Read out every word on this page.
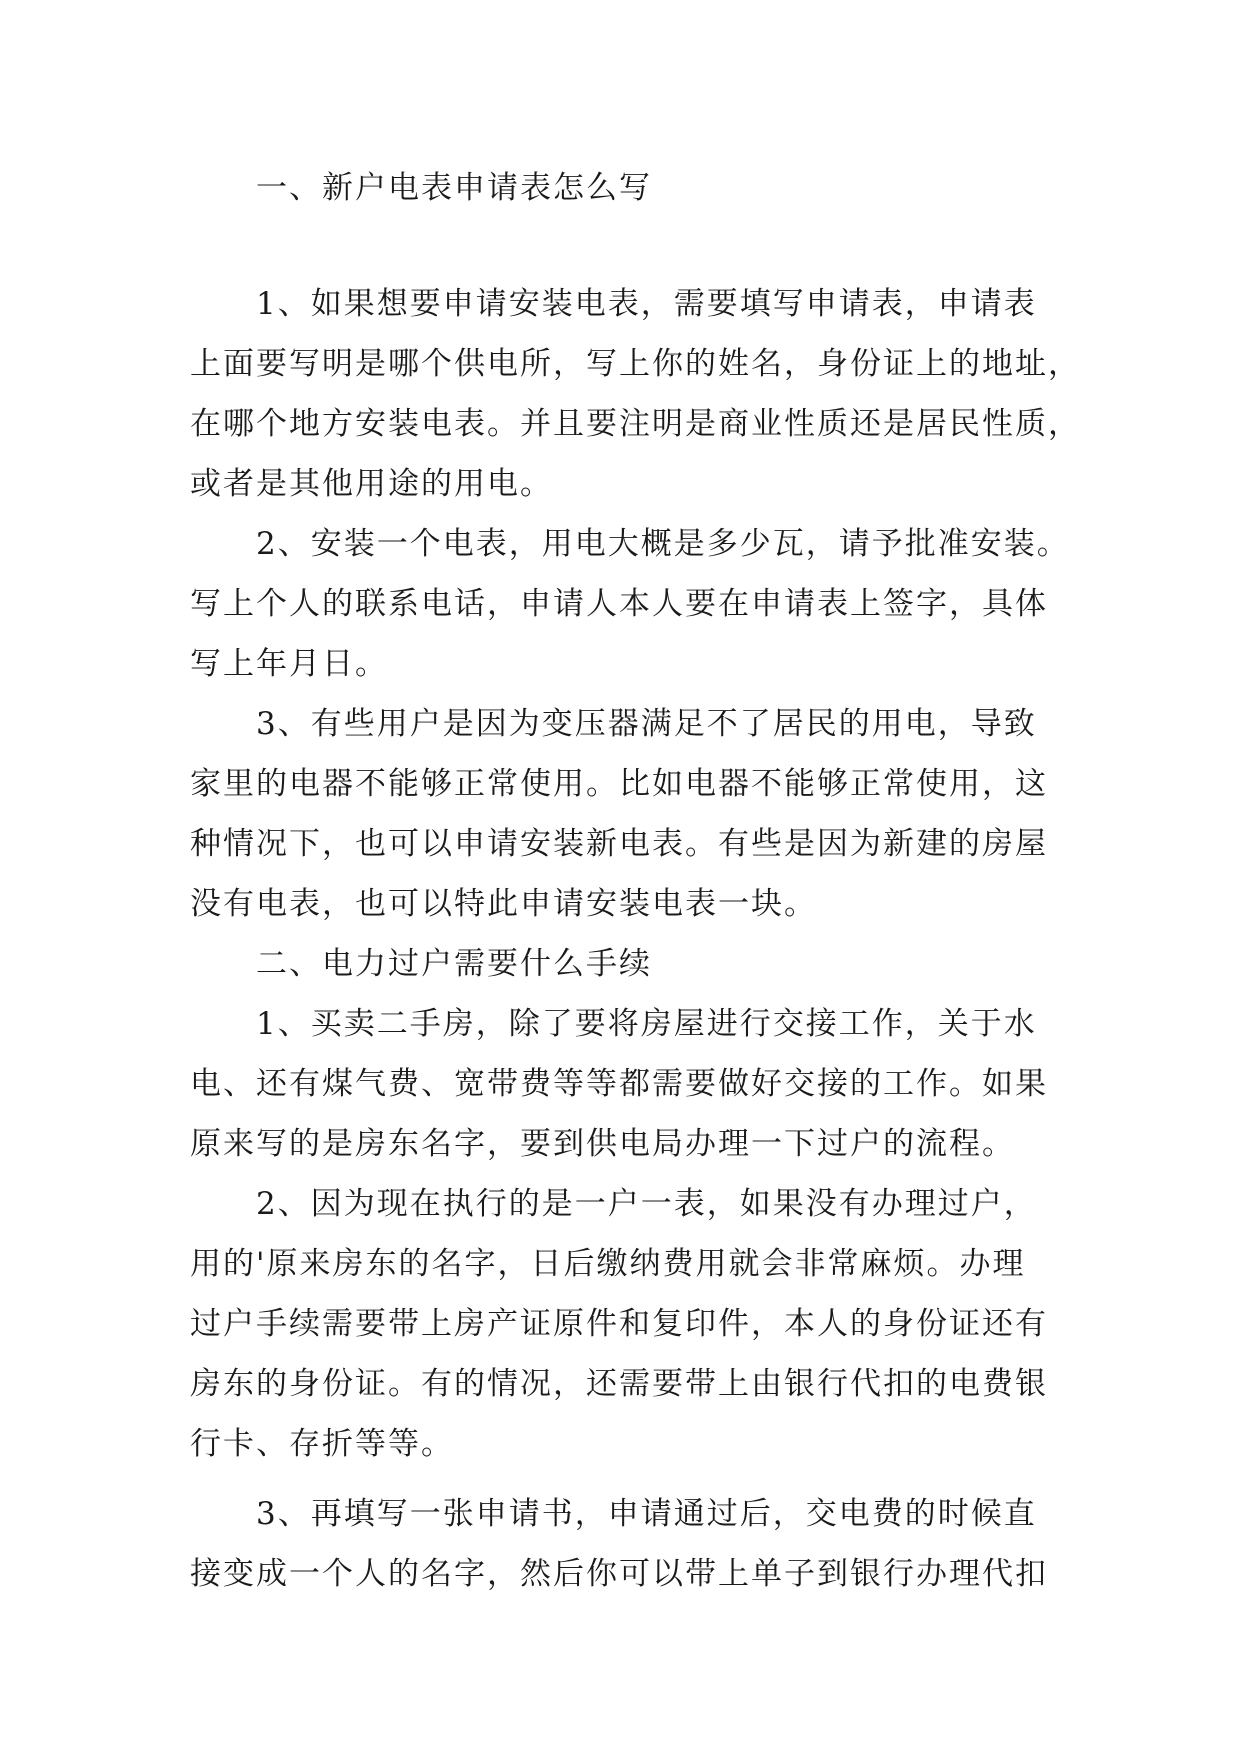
一、新户电表申请表怎么写
1、如果想要申请安装电表，需要填写申请表，申请表
上面要写明是哪个供电所，写上你的姓名，身份证上的地址，
在哪个地方安装电表。并且要注明是商业性质还是居民性质，
或者是其他用途的用电。
2、安装一个电表，用电大概是多少瓦，请予批准安装。
写上个人的联系电话，申请人本人要在申请表上签字，具体
写上年月日。
3、有些用户是因为变压器满足不了居民的用电，导致
家里的电器不能够正常使用。比如电器不能够正常使用，这
种情况下，也可以申请安装新电表。有些是因为新建的房屋
没有电表，也可以特此申请安装电表一块。
二、电力过户需要什么手续
1、买卖二手房，除了要将房屋进行交接工作，关于水
电、还有煤气费、宽带费等等都需要做好交接的工作。如果
原来写的是房东名字，要到供电局办理一下过户的流程。
2、因为现在执行的是一户一表，如果没有办理过户，
用的'原来房东的名字，日后缴纳费用就会非常麻烦。办理
过户手续需要带上房产证原件和复印件，本人的身份证还有
房东的身份证。有的情况，还需要带上由银行代扣的电费银
行卡、存折等等。
3、再填写一张申请书，申请通过后，交电费的时候直
接变成一个人的名字，然后你可以带上单子到银行办理代扣
